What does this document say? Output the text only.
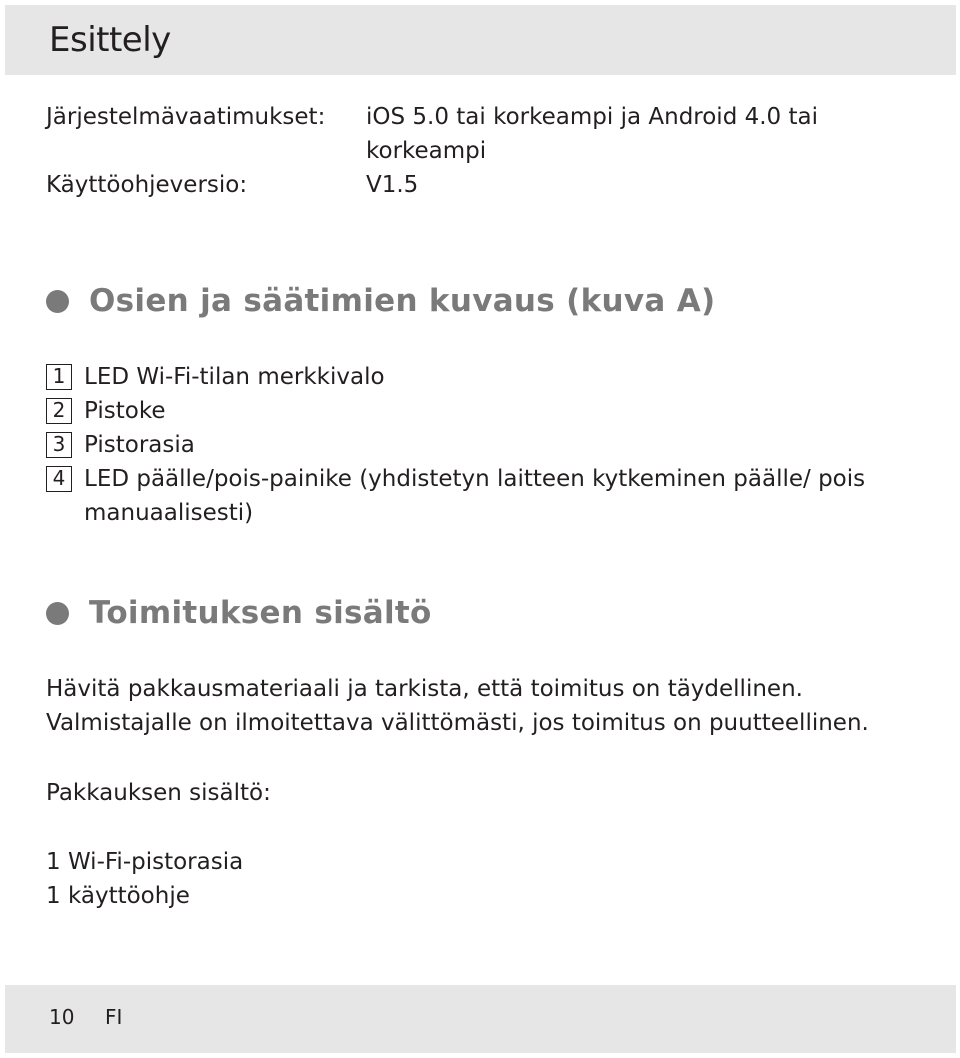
Esittely
Järjestelmävaatimukset:	iOS 5.0 tai korkeampi ja Android 4.0 tai korkeampi
Käyttöohjeversio:	V1.5
Osien ja säätimien kuvaus (kuva A)
1 LED Wi-Fi-tilan merkkivalo
2 Pistoke
3 Pistorasia
4 LED päälle/pois-painike (yhdistetyn laitteen kytkeminen päälle/ pois manuaalisesti)
Toimituksen sisältö

Hävitä pakkausmateriaali ja tarkista, että toimitus on täydellinen. Valmistajalle on ilmoitettava välittömästi, jos toimitus on puutteellinen.

Pakkauksen sisältö:

1 Wi-Fi-pistorasia
1 käyttöohje
10 FI
